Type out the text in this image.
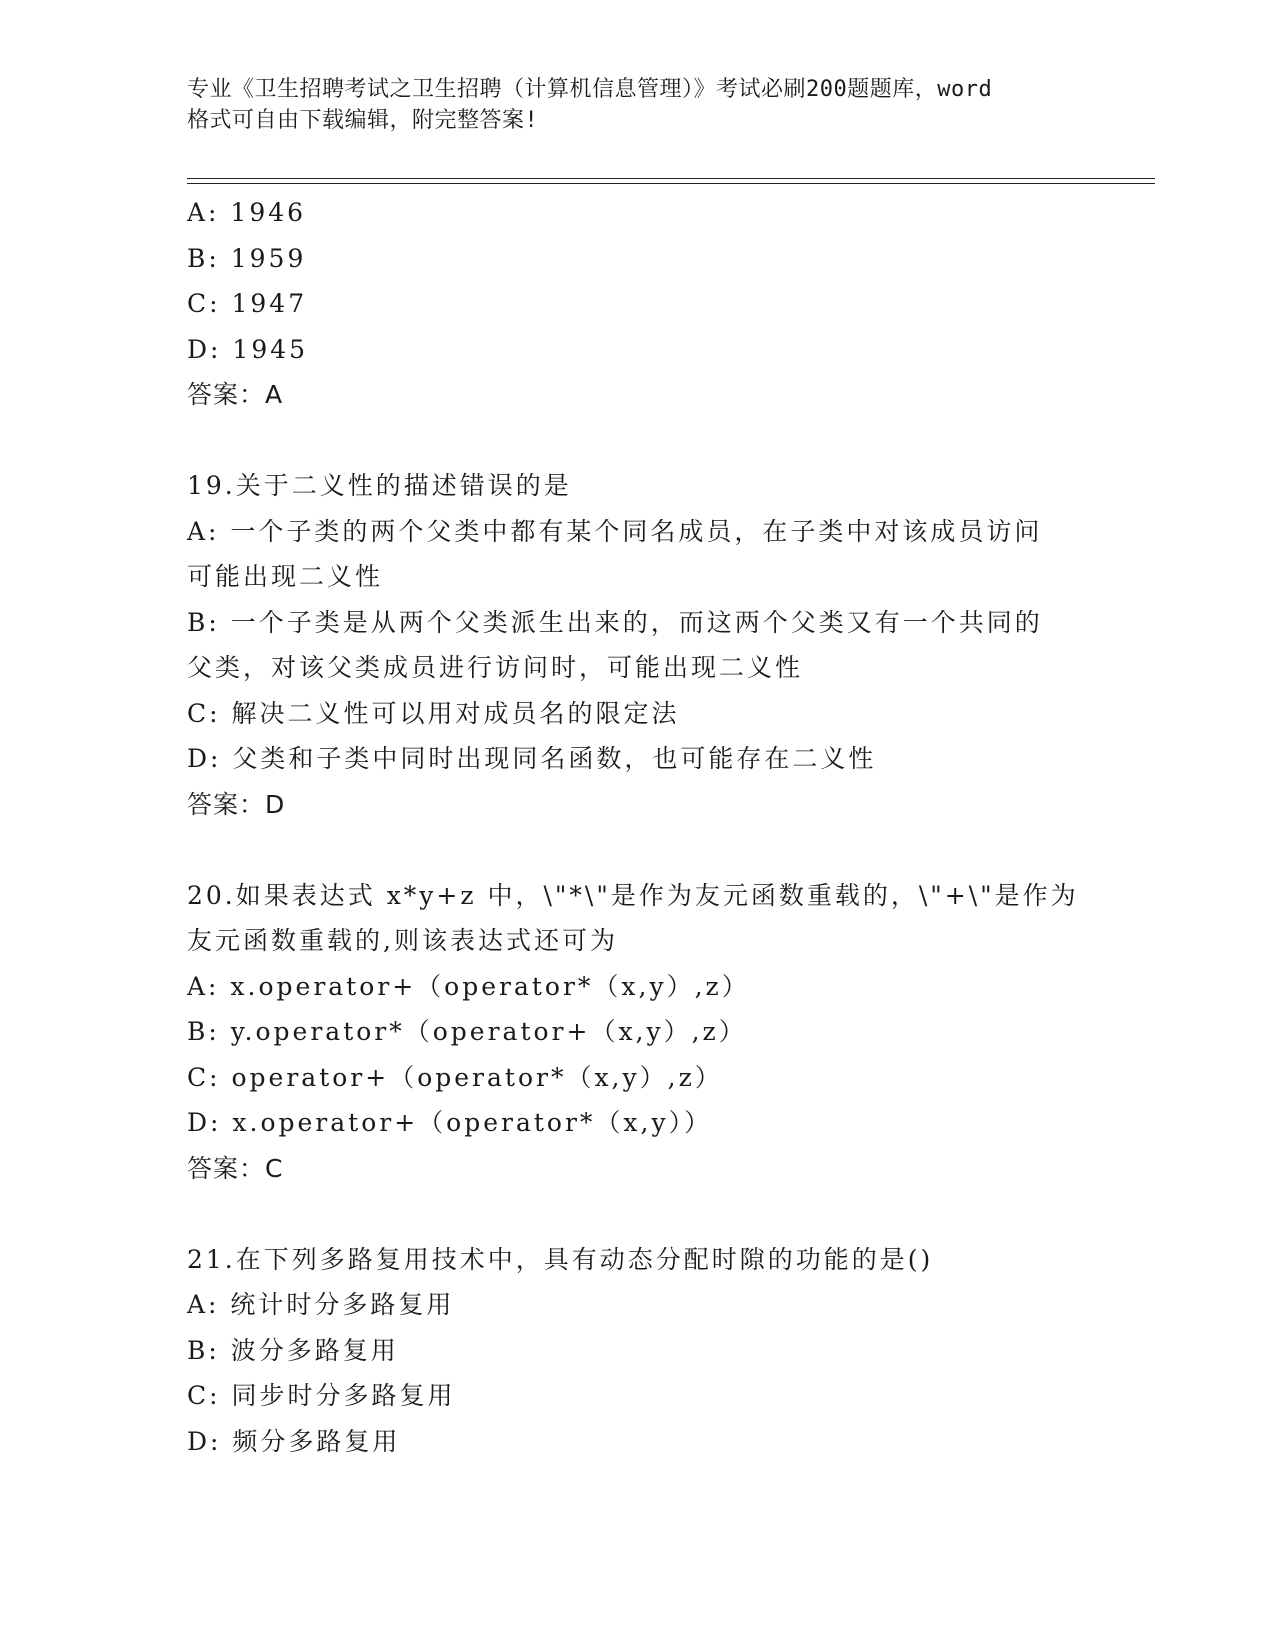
专业《卫生招聘考试之卫生招聘（计算机信息管理）》考试必刷200题题库，word
格式可自由下载编辑，附完整答案!
A: 1946
B: 1959
C: 1947
D: 1945
答案：A
19.关于二义性的描述错误的是
A: 一个子类的两个父类中都有某个同名成员，在子类中对该成员访问
可能出现二义性
B: 一个子类是从两个父类派生出来的，而这两个父类又有一个共同的
父类，对该父类成员进行访问时，可能出现二义性
C: 解决二义性可以用对成员名的限定法
D: 父类和子类中同时出现同名函数，也可能存在二义性
答案：D
20.如果表达式 x*y+z 中，\"*\"是作为友元函数重载的，\"+\"是作为
友元函数重载的,则该表达式还可为
A: x.operator+（operator*（x,y）,z）
B: y.operator*（operator+（x,y）,z）
C: operator+（operator*（x,y）,z）
D: x.operator+（operator*（x,y））
答案：C
21.在下列多路复用技术中，具有动态分配时隙的功能的是()
A: 统计时分多路复用
B: 波分多路复用
C: 同步时分多路复用
D: 频分多路复用
